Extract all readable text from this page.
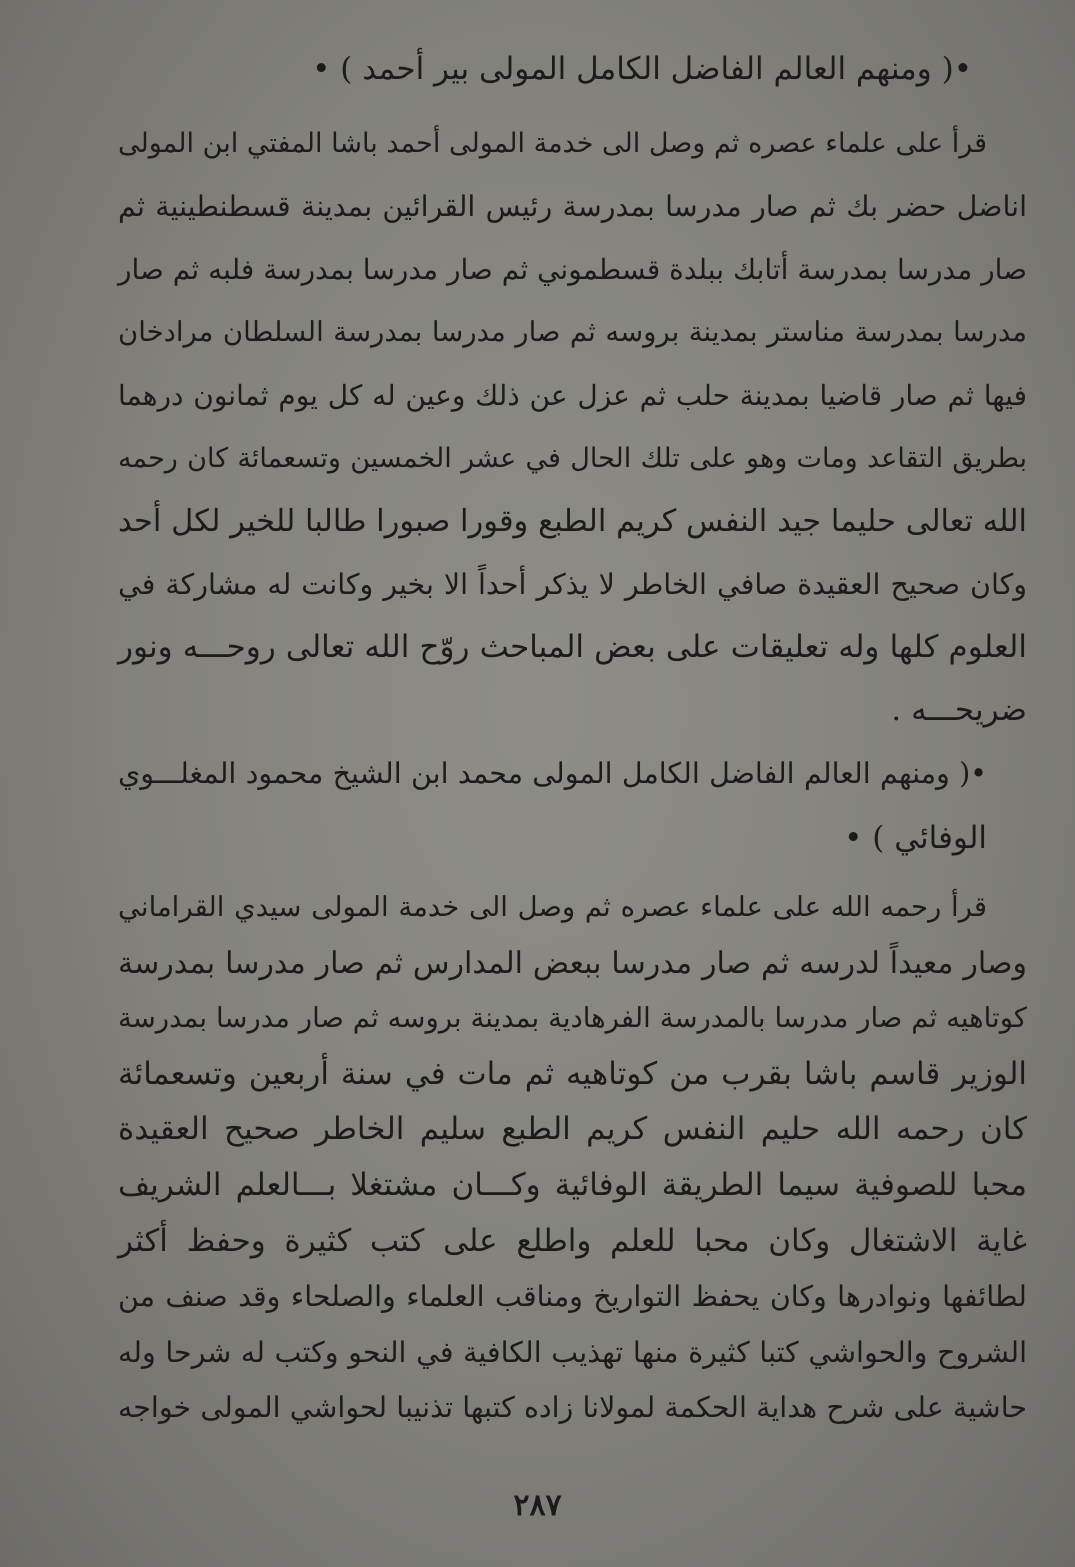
•( ومنهم العالم الفاضل الكامل المولى بير أحمد ) •
قرأ على علماء عصره ثم وصل الى خدمة المولى أحمد باشا المفتي ابن المولى
اناضل حضر بك ثم صار مدرسا بمدرسة رئيس القرائين بمدينة قسطنطينية ثم
صار مدرسا بمدرسة أتابك ببلدة قسطموني ثم صار مدرسا بمدرسة فلبه ثم صار
مدرسا بمدرسة مناستر بمدينة بروسه ثم صار مدرسا بمدرسة السلطان مرادخان
فيها ثم صار قاضيا بمدينة حلب ثم عزل عن ذلك وعين له كل يوم ثمانون درهما
بطريق التقاعد ومات وهو على تلك الحال في عشر الخمسين وتسعمائة كان رحمه
الله تعالى حليما جيد النفس كريم الطبع وقورا صبورا طالبا للخير لكل أحد
وكان صحيح العقيدة صافي الخاطر لا يذكر أحداً الا بخير وكانت له مشاركة في
العلوم كلها وله تعليقات على بعض المباحث روّح الله تعالى روحـــه ونور
ضريحـــه .
•( ومنهم العالم الفاضل الكامل المولى محمد ابن الشيخ محمود المغلـــوي
الوفائي ) •
قرأ رحمه الله على علماء عصره ثم وصل الى خدمة المولى سيدي القراماني
وصار معيداً لدرسه ثم صار مدرسا ببعض المدارس ثم صار مدرسا بمدرسة
كوتاهيه ثم صار مدرسا بالمدرسة الفرهادية بمدينة بروسه ثم صار مدرسا بمدرسة
الوزير قاسم باشا بقرب من كوتاهيه ثم مات في سنة أربعين وتسعمائة
كان رحمه الله حليم النفس كريم الطبع سليم الخاطر صحيح العقيدة
محبا للصوفية سيما الطريقة الوفائية وكـــان مشتغلا بـــالعلم الشريف
غاية الاشتغال وكان محبا للعلم واطلع على كتب كثيرة وحفظ أكثر
لطائفها ونوادرها وكان يحفظ التواريخ ومناقب العلماء والصلحاء وقد صنف من
الشروح والحواشي كتبا كثيرة منها تهذيب الكافية في النحو وكتب له شرحا وله
حاشية على شرح هداية الحكمة لمولانا زاده كتبها تذنيبا لحواشي المولى خواجه
٢٨٧
